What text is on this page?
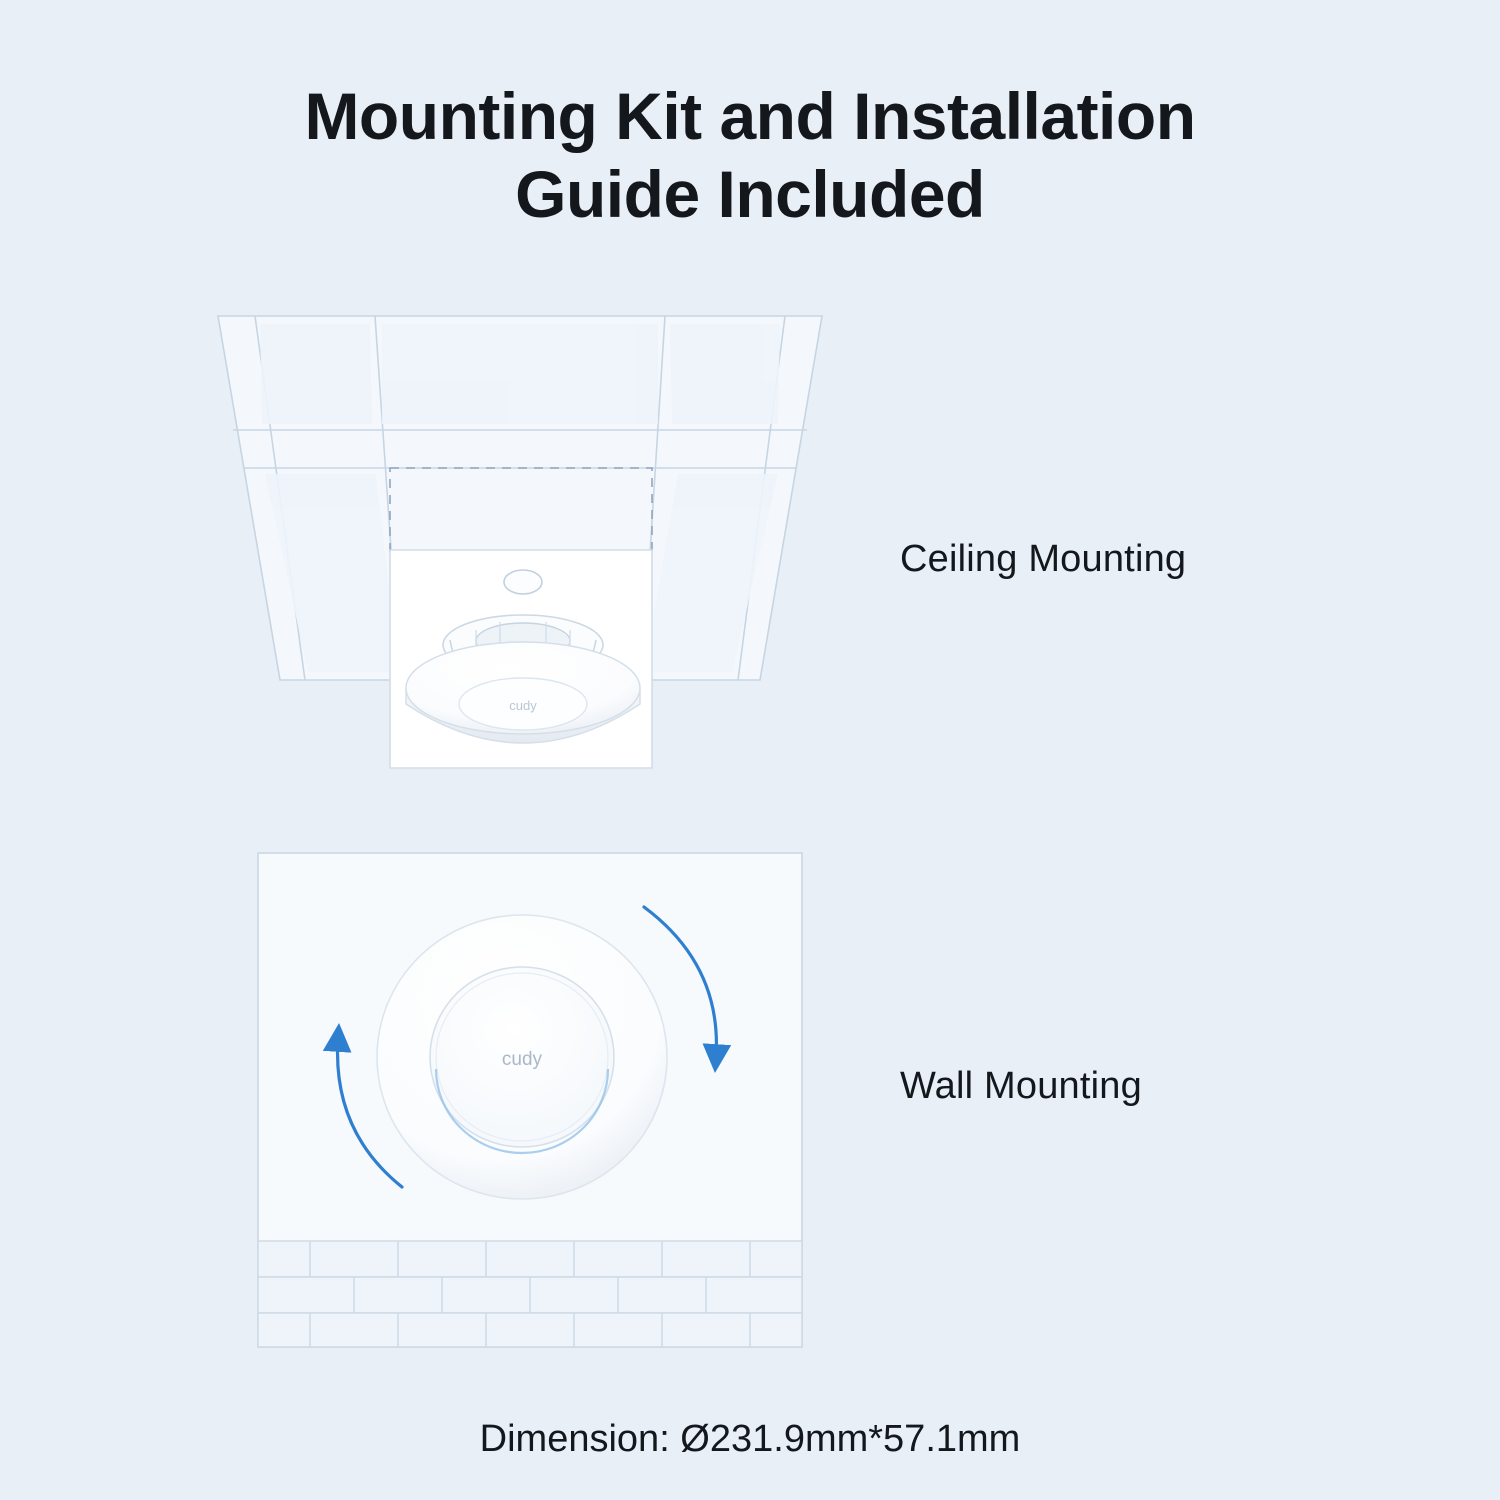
Mounting Kit and Installation
Guide Included
cudy
Ceiling Mounting
cudy
Wall Mounting
Dimension: Ø231.9mm*57.1mm
